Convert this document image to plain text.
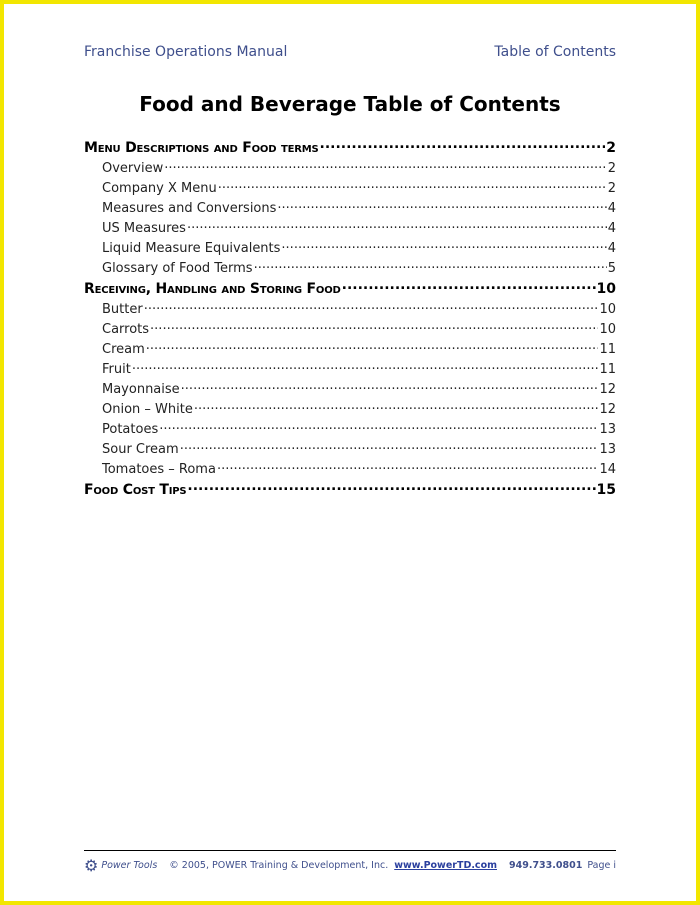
Franchise Operations Manual	Table of Contents
Food and Beverage Table of Contents
Menu Descriptions and Food terms .....	2
Overview .....	2
Company X Menu .....	2
Measures and Conversions .....	4
US Measures .....	4
Liquid Measure Equivalents .....	4
Glossary of Food Terms .....	5
Receiving, Handling and Storing Food .....	10
Butter .....	10
Carrots .....	10
Cream .....	11
Fruit .....	11
Mayonnaise .....	12
Onion – White .....	12
Potatoes .....	13
Sour Cream .....	13
Tomatoes – Roma .....	14
Food Cost Tips .....	15
⚙ Power Tools © 2005, POWER Training & Development, Inc. www.PowerTD.com 949.733.0801 Page i
